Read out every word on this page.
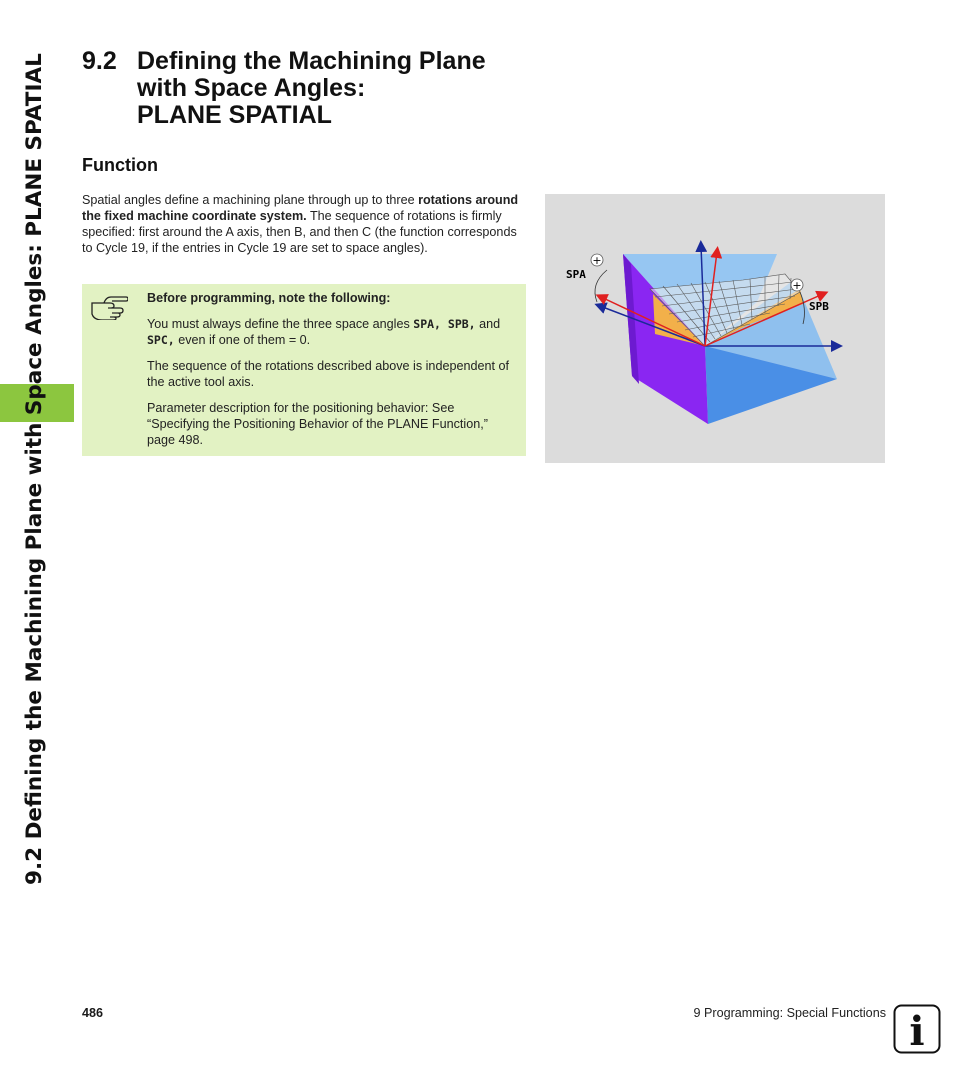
9.2 Defining the Machining Plane with Space Angles: PLANE SPATIAL 9.2 Defining the Machining Plane
with Space Angles:
PLANE SPATIAL
Function
Spatial angles define a machining plane through up to three rotations around the fixed machine coordinate system. The sequence of rotations is firmly specified: first around the A axis, then B, and then C (the function corresponds to Cycle 19, if the entries in Cycle 19 are set to space angles).

Before programming, note the following:

You must always define the three space angles SPA, SPB, and SPC, even if one of them = 0.

The sequence of the rotations described above is independent of the active tool axis.

Parameter description for the positioning behavior: See “Specifying the Positioning Behavior of the PLANE Function,” page 498.

+
+
SPA
SPB
486	9 Programming: Special Functions i
